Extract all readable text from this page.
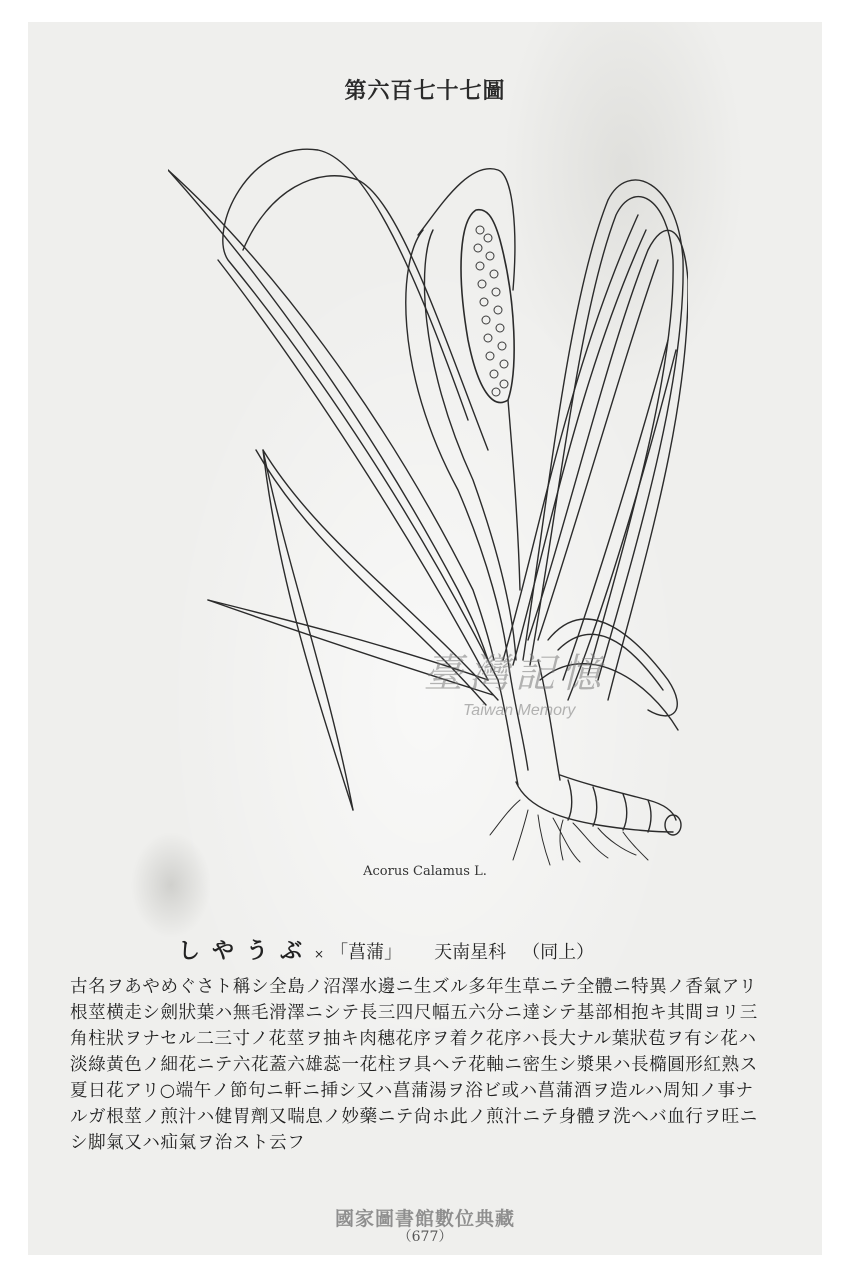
第六百七十七圖
臺灣記憶
Taiwan Memory
Acorus Calamus L.
しやうぶ× 「菖蒲」 天南星科 （同上）
古名ヲあやめぐさト稱シ全島ノ沼澤水邊ニ生ズル多年生草ニテ全體ニ特異ノ香氣アリ
根莖横走シ劍狀葉ハ無毛滑澤ニシテ長三四尺幅五六分ニ達シテ基部相抱キ其間ヨリ三
角柱狀ヲナセル二三寸ノ花莖ヲ抽キ肉穗花序ヲ着ク花序ハ長大ナル葉狀苞ヲ有シ花ハ
淡綠黃色ノ細花ニテ六花蓋六雄蕊一花柱ヲ具ヘテ花軸ニ密生シ漿果ハ長橢圓形紅熟ス
夏日花アリ○端午ノ節句ニ軒ニ挿シ又ハ菖蒲湯ヲ浴ビ或ハ菖蒲酒ヲ造ルハ周知ノ事ナ
ルガ根莖ノ煎汁ハ健胃劑又喘息ノ妙藥ニテ尙ホ此ノ煎汁ニテ身體ヲ洗ヘバ血行ヲ旺ニ
シ脚氣又ハ疝氣ヲ治スト云フ
國家圖書館數位典藏
（677）
